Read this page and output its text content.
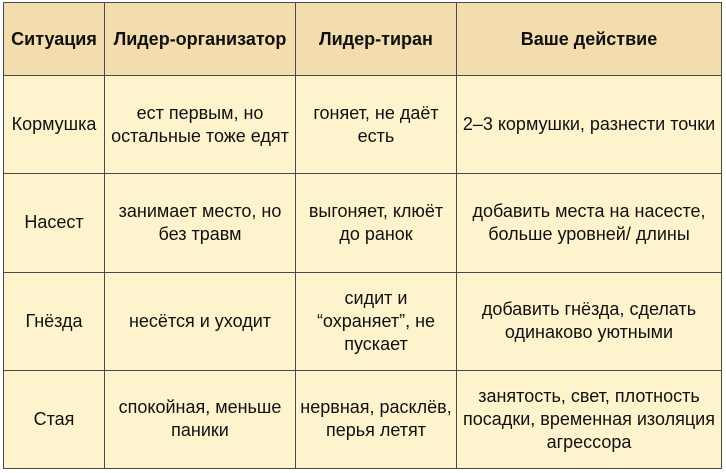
Ситуация	Лидер-организатор	Лидер-тиран	Ваше действие
Кормушка	ест первым, но остальные тоже едят	гоняет, не даёт есть	2–3 кормушки, разнести точки
Насест	занимает место, но без травм	выгоняет, клюёт до ранок	добавить места на насесте, больше уровней/ длины
Гнёзда	несётся и уходит	сидит и “охраняет”, не пускает	добавить гнёзда, сделать одинаково уютными
Стая	спокойная, меньше паники	нервная, расклёв, перья летят	занятость, свет, плотность посадки, временная изоляция агрессора
